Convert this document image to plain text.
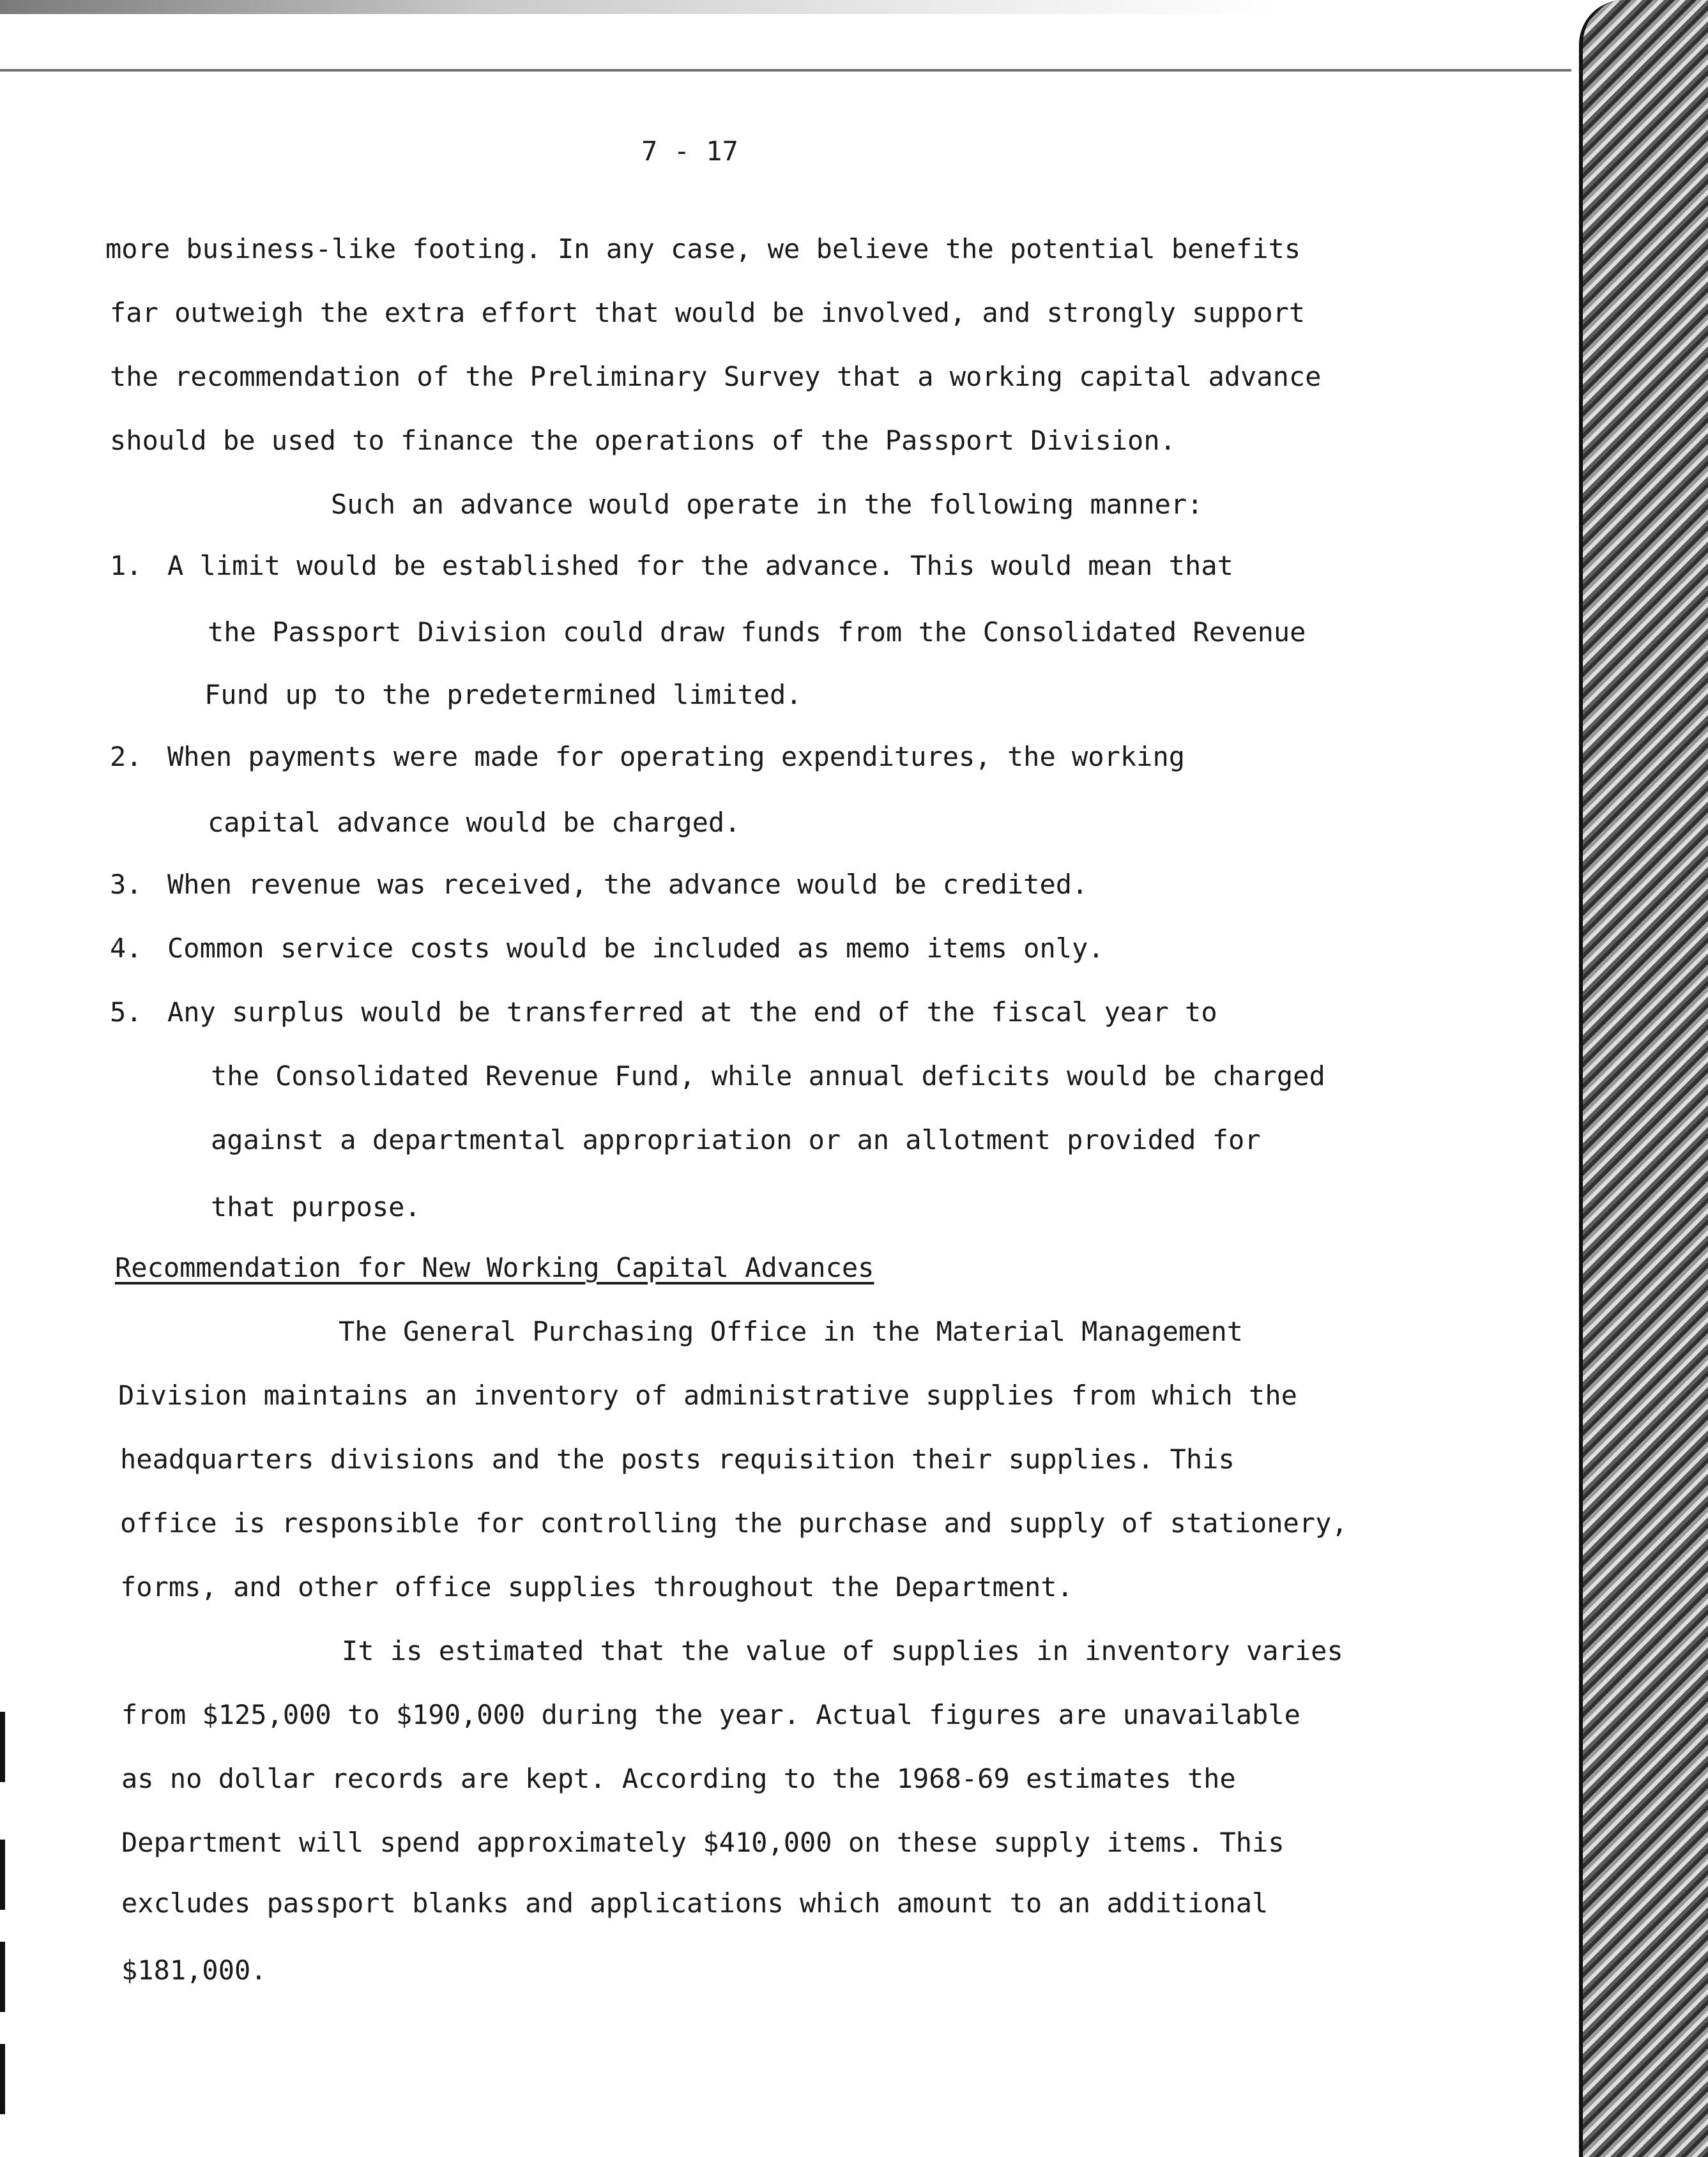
7 - 17
more business-like footing. In any case, we believe the potential benefits
far outweigh the extra effort that would be involved, and strongly support
the recommendation of the Preliminary Survey that a working capital advance
should be used to finance the operations of the Passport Division.
Such an advance would operate in the following manner:
1. A limit would be established for the advance. This would mean that
the Passport Division could draw funds from the Consolidated Revenue
Fund up to the predetermined limited.
2. When payments were made for operating expenditures, the working
capital advance would be charged.
3. When revenue was received, the advance would be credited.
4. Common service costs would be included as memo items only.
5. Any surplus would be transferred at the end of the fiscal year to
the Consolidated Revenue Fund, while annual deficits would be charged
against a departmental appropriation or an allotment provided for
that purpose.
Recommendation for New Working Capital Advances
The General Purchasing Office in the Material Management
Division maintains an inventory of administrative supplies from which the
headquarters divisions and the posts requisition their supplies. This
office is responsible for controlling the purchase and supply of stationery,
forms, and other office supplies throughout the Department.
It is estimated that the value of supplies in inventory varies
from $125,000 to $190,000 during the year. Actual figures are unavailable
as no dollar records are kept. According to the 1968-69 estimates the
Department will spend approximately $410,000 on these supply items. This
excludes passport blanks and applications which amount to an additional
$181,000.
